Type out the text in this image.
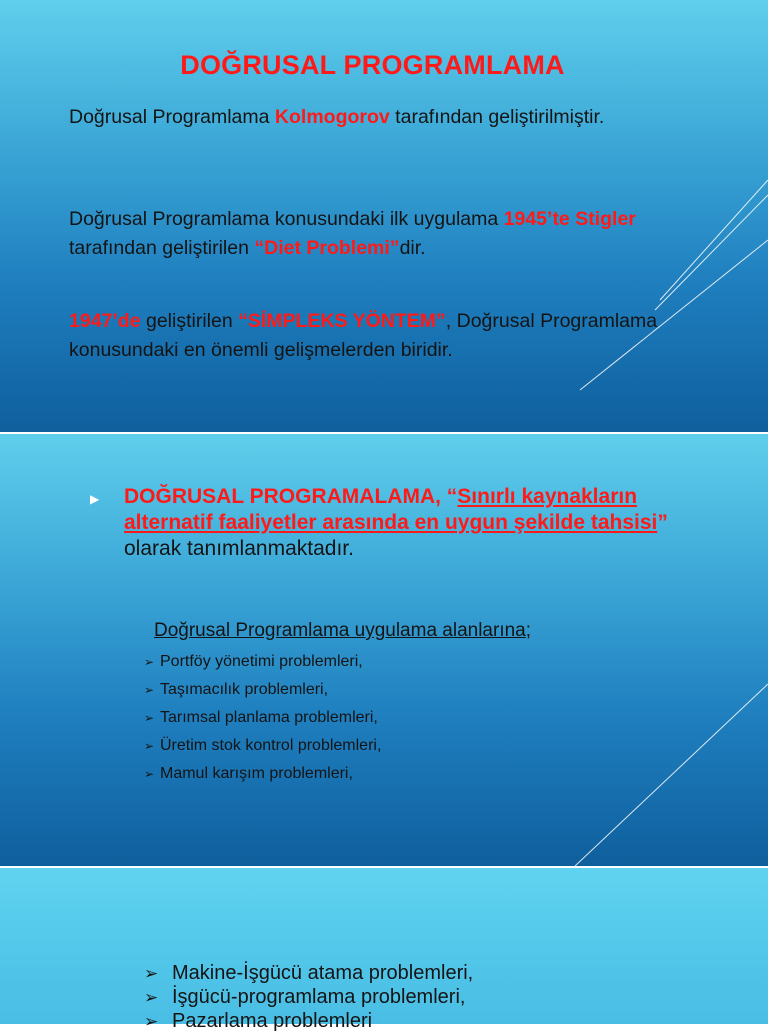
DOĞRUSAL PROGRAMLAMA
Doğrusal Programlama Kolmogorov tarafından geliştirilmiştir.
Doğrusal Programlama konusundaki ilk uygulama 1945’te Stigler tarafından geliştirilen “Diet Problemi”dir.
1947’de geliştirilen “SİMPLEKS YÖNTEM”, Doğrusal Programlama konusundaki en önemli gelişmelerden biridir.
▶ DOĞRUSAL PROGRAMALAMA, “Sınırlı kaynakların alternatif faaliyetler arasında en uygun şekilde tahsisi” olarak tanımlanmaktadır.
Doğrusal Programlama uygulama alanlarına;
➢ Portföy yönetimi problemleri,
➢ Taşımacılık problemleri,
➢ Tarımsal planlama problemleri,
➢ Üretim stok kontrol problemleri,
➢ Mamul karışım problemleri,
➢ Makine-İşgücü atama problemleri,
➢ İşgücü-programlama problemleri,
➢ Pazarlama problemleri
